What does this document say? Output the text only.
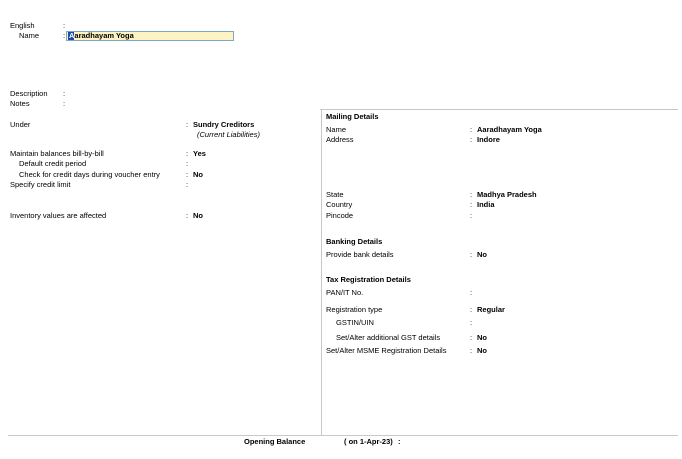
English	:
Name	: Aaradhayam Yoga
Description :
Notes	:
Under	: Sundry Creditors
(Current Liabilities)
Maintain balances bill-by-bill	: Yes
Default credit period	:
Check for credit days during voucher entry	: No
Specify credit limit	:
Inventory values are affected	: No
Mailing Details
Name	: Aaradhayam Yoga
Address	: Indore
State	: Madhya Pradesh
Country	: India
Pincode	:
Banking Details
Provide bank details	: No
Tax Registration Details
PAN/IT No.	:
Registration type	: Regular
GSTIN/UIN	:
Set/Alter additional GST details	: No
Set/Alter MSME Registration Details	: No
Opening Balance	( on 1-Apr-23) :
